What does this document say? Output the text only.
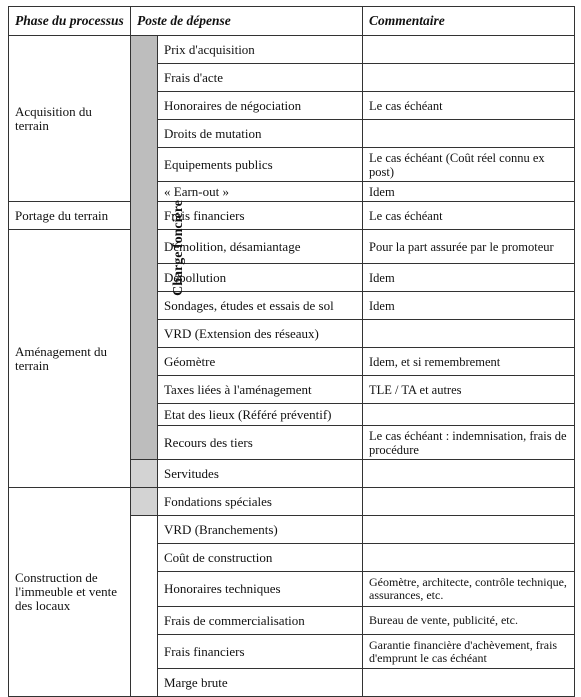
Phase du processus	Poste de dépense		Commentaire
Acquisition du terrain	Charge foncière	Prix d'acquisition	
		Frais d'acte	
		Honoraires de négociation	Le cas échéant
		Droits de mutation	
		Equipements publics	Le cas échéant (Coût réel connu ex post)
		« Earn-out »	Idem
Portage du terrain		Frais financiers	Le cas échéant
Aménagement du terrain		Démolition, désamiantage	Pour la part assurée par le promoteur
		Dépollution	Idem
		Sondages, études et essais de sol	Idem
		VRD (Extension des réseaux)	
		Géomètre	Idem, et si remembrement
		Taxes liées à l'aménagement	TLE / TA et autres
		Etat des lieux (Référé préventif)	
		Recours des tiers	Le cas échéant : indemnisation, frais de procédure
		Servitudes	
Construction de l'immeuble et vente des locaux		Fondations spéciales	
		VRD (Branchements)	
		Coût de construction	
		Honoraires techniques	Géomètre, architecte, contrôle technique, assurances, etc.
		Frais de commercialisation	Bureau de vente, publicité, etc.
		Frais financiers	Garantie financière d'achèvement, frais d'emprunt le cas échéant
		Marge brute	
